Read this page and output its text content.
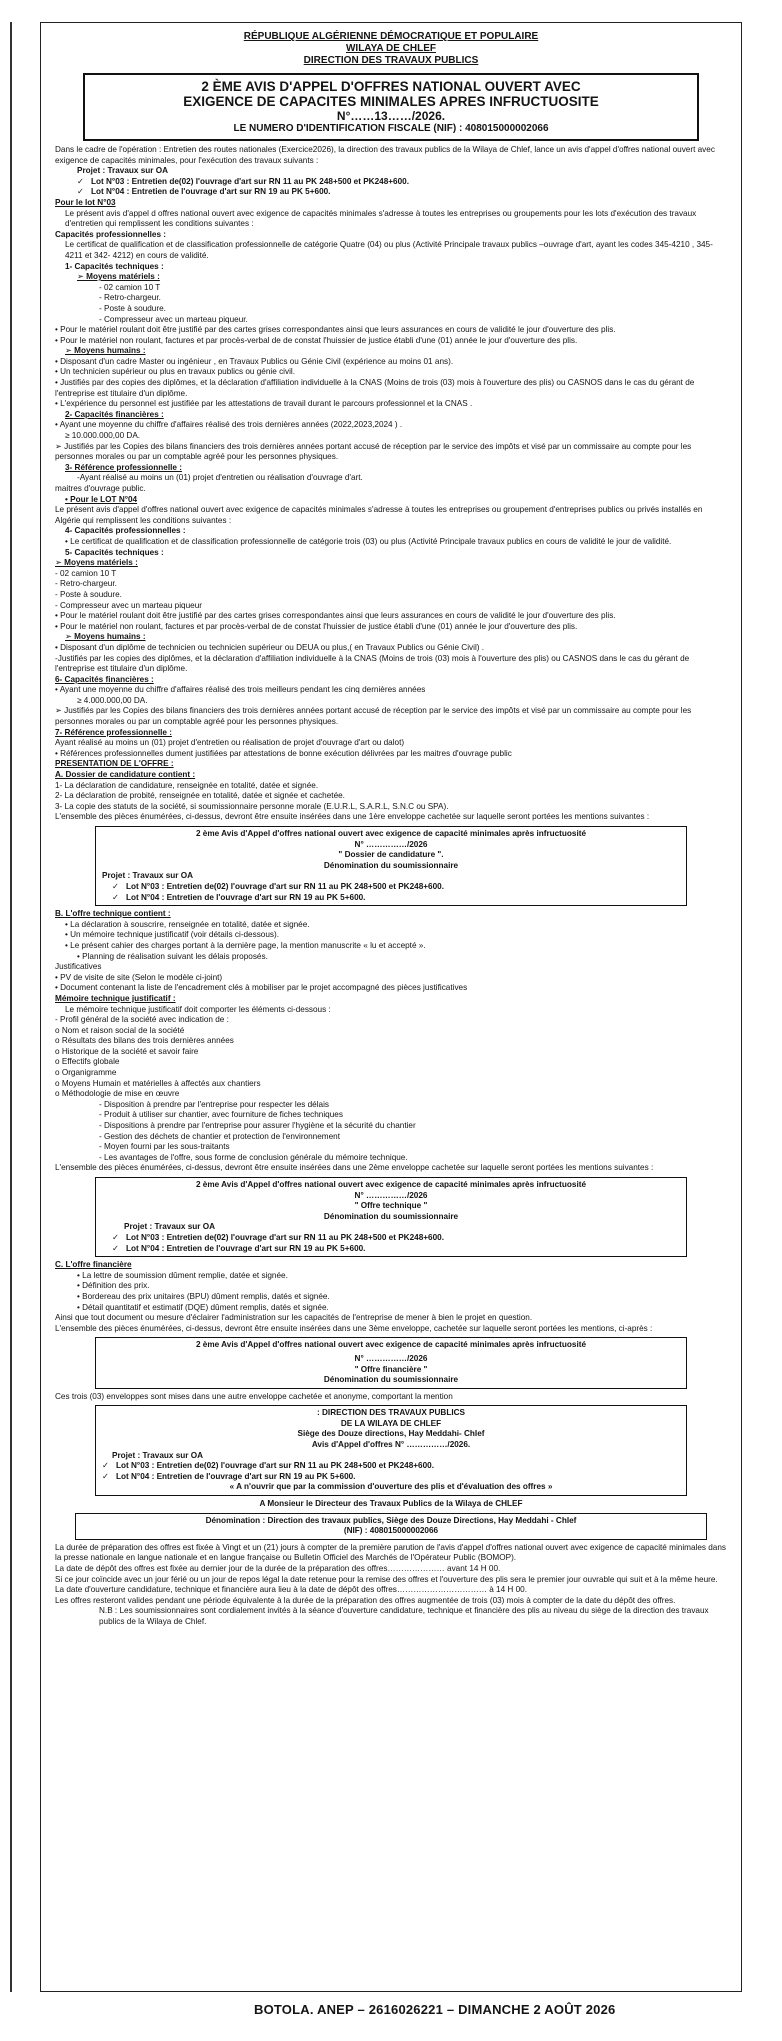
RÉPUBLIQUE ALGÉRIENNE DÉMOCRATIQUE ET POPULAIRE
WILAYA DE CHLEF
DIRECTION DES TRAVAUX PUBLICS
2 ÈME AVIS D'APPEL D'OFFRES NATIONAL OUVERT AVEC
EXIGENCE DE CAPACITES MINIMALES APRES INFRUCTUOSITE
N°……13……/2026.
LE NUMERO D'IDENTIFICATION FISCALE (NIF) : 408015000002066

Dans le cadre de l'opération : Entretien des routes nationales (Exercice2026), la direction des travaux publics de la Wilaya de Chlef, lance un avis d'appel d'offres national ouvert avec exigence de capacités minimales, pour l'exécution des travaux suivants :

Projet : Travaux sur OA

✓ Lot N°03 : Entretien de(02) l'ouvrage d'art sur RN 11 au PK 248+500 et PK248+600.

✓ Lot N°04 : Entretien de l'ouvrage d'art sur RN 19 au PK 5+600.

Pour le lot N°03

Le présent avis d'appel d offres national ouvert avec exigence de capacités minimales s'adresse à toutes les entreprises ou groupements pour les lots d'exécution des travaux d'entretien qui remplissent les conditions suivantes :

Capacités professionnelles :

Le certificat de qualification et de classification professionnelle de catégorie Quatre (04) ou plus (Activité Principale travaux publics –ouvrage d'art, ayant les codes 345-4210 , 345-4211 et 342- 4212) en cours de validité.

1- Capacités techniques :

➢ Moyens matériels :

- 02 camion 10 T

- Retro-chargeur.

- Poste à soudure.

- Compresseur avec un marteau piqueur.

• Pour le matériel roulant doit être justifié par des cartes grises correspondantes ainsi que leurs assurances en cours de validité le jour d'ouverture des plis.

• Pour le matériel non roulant, factures et par procès-verbal de de constat l'huissier de justice établi d'une (01) année le jour d'ouverture des plis.

➢ Moyens humains :

• Disposant d'un cadre Master ou ingénieur , en Travaux Publics ou Génie Civil (expérience au moins 01 ans).

• Un technicien supérieur ou plus en travaux publics ou génie civil.

• Justifiés par des copies des diplômes, et la déclaration d'affiliation individuelle à la CNAS (Moins de trois (03) mois à l'ouverture des plis) ou CASNOS dans le cas du gérant de l'entreprise est titulaire d'un diplôme.

• L'expérience du personnel est justifiée par les attestations de travail durant le parcours professionnel et la CNAS .

2- Capacités financières :

• Ayant une moyenne du chiffre d'affaires réalisé des trois dernières années (2022,2023,2024 ) .

≥ 10.000.000,00 DA.

➢ Justifiés par les Copies des bilans financiers des trois dernières années portant accusé de réception par le service des impôts et visé par un commissaire au compte pour les personnes morales ou par un comptable agréé pour les personnes physiques.

3- Référence professionnelle :

-Ayant réalisé au moins un (01) projet d'entretien ou réalisation d'ouvrage d'art.

maitres d'ouvrage public.

• Pour le LOT N°04

Le présent avis d'appel d'offres national ouvert avec exigence de capacités minimales s'adresse à toutes les entreprises ou groupement d'entreprises publics ou privés installés en Algérie qui remplissent les conditions suivantes :

4- Capacités professionnelles :

• Le certificat de qualification et de classification professionnelle de catégorie trois (03) ou plus (Activité Principale travaux publics en cours de validité le jour de validité.

5- Capacités techniques :

➢ Moyens matériels :

- 02 camion 10 T

- Retro-chargeur.

- Poste à soudure.

- Compresseur avec un marteau piqueur

• Pour le matériel roulant doit être justifié par des cartes grises correspondantes ainsi que leurs assurances en cours de validité le jour d'ouverture des plis.

• Pour le matériel non roulant, factures et par procès-verbal de de constat l'huissier de justice établi d'une (01) année le jour d'ouverture des plis.

➢ Moyens humains :

• Disposant d'un diplôme de technicien ou technicien supérieur ou DEUA ou plus,( en Travaux Publics ou Génie Civil) .

-Justifiés par les copies des diplômes, et la déclaration d'affiliation individuelle à la CNAS (Moins de trois (03) mois à l'ouverture des plis) ou CASNOS dans le cas du gérant de l'entreprise est titulaire d'un diplôme.

6- Capacités financières :

• Ayant une moyenne du chiffre d'affaires réalisé des trois meilleurs pendant les cinq dernières années

≥ 4.000.000,00 DA.

➢ Justifiés par les Copies des bilans financiers des trois dernières années portant accusé de réception par le service des impôts et visé par un commissaire au compte pour les personnes morales ou par un comptable agréé pour les personnes physiques.

7- Référence professionnelle :

Ayant réalisé au moins un (01) projet d'entretien ou réalisation de projet d'ouvrage d'art ou dalot)

• Références professionnelles dument justifiées par attestations de bonne exécution délivrées par les maitres d'ouvrage public

PRESENTATION DE L'OFFRE :

A. Dossier de candidature contient :

1- La déclaration de candidature, renseignée en totalité, datée et signée.

2- La déclaration de probité, renseignée en totalité, datée et signée et cachetée.

3- La copie des statuts de la société, si soumissionnaire personne morale (E.U.R.L, S.A.R.L, S.N.C ou SPA).

L'ensemble des pièces énumérées, ci-dessus, devront être ensuite insérées dans une 1ère enveloppe cachetée sur laquelle seront portées les mentions suivantes :

2 ème Avis d'Appel d'offres national ouvert avec exigence de capacité minimales après infructuosité
N° ……………/2026
" Dossier de candidature ".
Dénomination du soumissionnaire
Projet : Travaux sur OA
✓ Lot N°03 : Entretien de(02) l'ouvrage d'art sur RN 11 au PK 248+500 et PK248+600.
✓ Lot N°04 : Entretien de l'ouvrage d'art sur RN 19 au PK 5+600.

B. L'offre technique contient :

• La déclaration à souscrire, renseignée en totalité, datée et signée.

• Un mémoire technique justificatif (voir détails ci-dessous).

• Le présent cahier des charges portant à la dernière page, la mention manuscrite « lu et accepté ».

• Planning de réalisation suivant les délais proposés.

Justificatives

• PV de visite de site (Selon le modèle ci-joint)

• Document contenant la liste de l'encadrement clés à mobiliser par le projet accompagné des pièces justificatives

Mémoire technique justificatif :

Le mémoire technique justificatif doit comporter les éléments ci-dessous :

- Profil général de la société avec indication de :

o Nom et raison social de la société

o Résultats des bilans des trois dernières années

o Historique de la société et savoir faire

o Effectifs globale

o Organigramme

o Moyens Humain et matérielles à affectés aux chantiers

o Méthodologie de mise en œuvre

- Disposition à prendre par l'entreprise pour respecter les délais

- Produit à utiliser sur chantier, avec fourniture de fiches techniques

- Dispositions à prendre par l'entreprise pour assurer l'hygiène et la sécurité du chantier

- Gestion des déchets de chantier et protection de l'environnement

- Moyen fourni par les sous-traitants

- Les avantages de l'offre, sous forme de conclusion générale du mémoire technique.

L'ensemble des pièces énumérées, ci-dessus, devront être ensuite insérées dans une 2ème enveloppe cachetée sur laquelle seront portées les mentions suivantes :

2 ème Avis d'Appel d'offres national ouvert avec exigence de capacité minimales après infructuosité
N° ……………/2026
" Offre technique "
Dénomination du soumissionnaire
Projet : Travaux sur OA
✓ Lot N°03 : Entretien de(02) l'ouvrage d'art sur RN 11 au PK 248+500 et PK248+600.
✓ Lot N°04 : Entretien de l'ouvrage d'art sur RN 19 au PK 5+600.

C. L'offre financière

• La lettre de soumission dûment remplie, datée et signée.

• Définition des prix.

• Bordereau des prix unitaires (BPU) dûment remplis, datés et signée.

• Détail quantitatif et estimatif (DQE) dûment remplis, datés et signée.

Ainsi que tout document ou mesure d'éclairer l'administration sur les capacités de l'entreprise de mener à bien le projet en question.

L'ensemble des pièces énumérées, ci-dessus, devront être ensuite insérées dans une 3ème enveloppe, cachetée sur laquelle seront portées les mentions, ci-après :

2 ème Avis d'Appel d'offres national ouvert avec exigence de capacité minimales après infructuosité
N° ……………/2026
" Offre financière "
Dénomination du soumissionnaire

Ces trois (03) enveloppes sont mises dans une autre enveloppe cachetée et anonyme, comportant la mention

: DIRECTION DES TRAVAUX PUBLICS
DE LA WILAYA DE CHLEF
Siège des Douze directions, Hay Meddahi- Chlef
Avis d'Appel d'offres N° ……………/2026.
Projet : Travaux sur OA
✓ Lot N°03 : Entretien de(02) l'ouvrage d'art sur RN 11 au PK 248+500 et PK248+600.
✓ Lot N°04 : Entretien de l'ouvrage d'art sur RN 19 au PK 5+600.
« A n'ouvrir que par la commission d'ouverture des plis et d'évaluation des offres »

A Monsieur le Directeur des Travaux Publics de la Wilaya de CHLEF

Dénomination : Direction des travaux publics, Siège des Douze Directions, Hay Meddahi - Chlef
(NIF) : 408015000002066

La durée de préparation des offres est fixée à Vingt et un (21) jours à compter de la première parution de l'avis d'appel d'offres national ouvert avec exigence de capacité minimales dans la presse nationale en langue nationale et en langue française ou Bulletin Officiel des Marchés de l'Opérateur Public (BOMOP).

La date de dépôt des offres est fixée au dernier jour de la durée de la préparation des offres………………… avant 14 H 00.

Si ce jour coïncide avec un jour férié ou un jour de repos légal la date retenue pour la remise des offres et l'ouverture des plis sera le premier jour ouvrable qui suit et à la même heure.

La date d'ouverture candidature, technique et financière aura lieu à la date de dépôt des offres…………………………… à 14 H 00.

Les offres resteront valides pendant une période équivalente à la durée de la préparation des offres augmentée de trois (03) mois à compter de la date du dépôt des offres.

N.B : Les soumissionnaires sont cordialement invités à la séance d'ouverture candidature, technique et financière des plis au niveau du siège de la direction des travaux publics de la Wilaya de Chlef.

BOTOLA. ANEP – 2616026221 – DIMANCHE 2 AOÛT 2026
